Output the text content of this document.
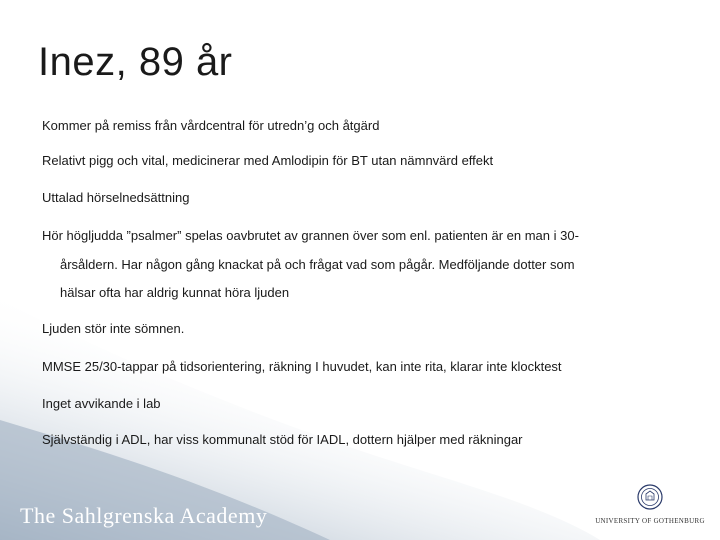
Inez, 89 år
Kommer på remiss från vårdcentral för utredn’g och åtgärd
Relativt pigg och vital, medicinerar med Amlodipin för BT utan nämnvärd effekt
Uttalad hörselnedsättning
Hör högljudda ”psalmer” spelas oavbrutet av grannen över som enl. patienten är en man i 30-
årsåldern. Har någon gång knackat på och frågat vad som pågår. Medföljande dotter som
hälsar ofta har aldrig kunnat höra ljuden
Ljuden stör inte sömnen.
MMSE 25/30-tappar på tidsorientering, räkning I huvudet, kan inte rita, klarar inte klocktest
Inget avvikande i lab
Självständig i ADL, har viss kommunalt stöd för IADL, dottern hjälper med räkningar
The Sahlgrenska Academy	UNIVERSITY OF GOTHENBURG
